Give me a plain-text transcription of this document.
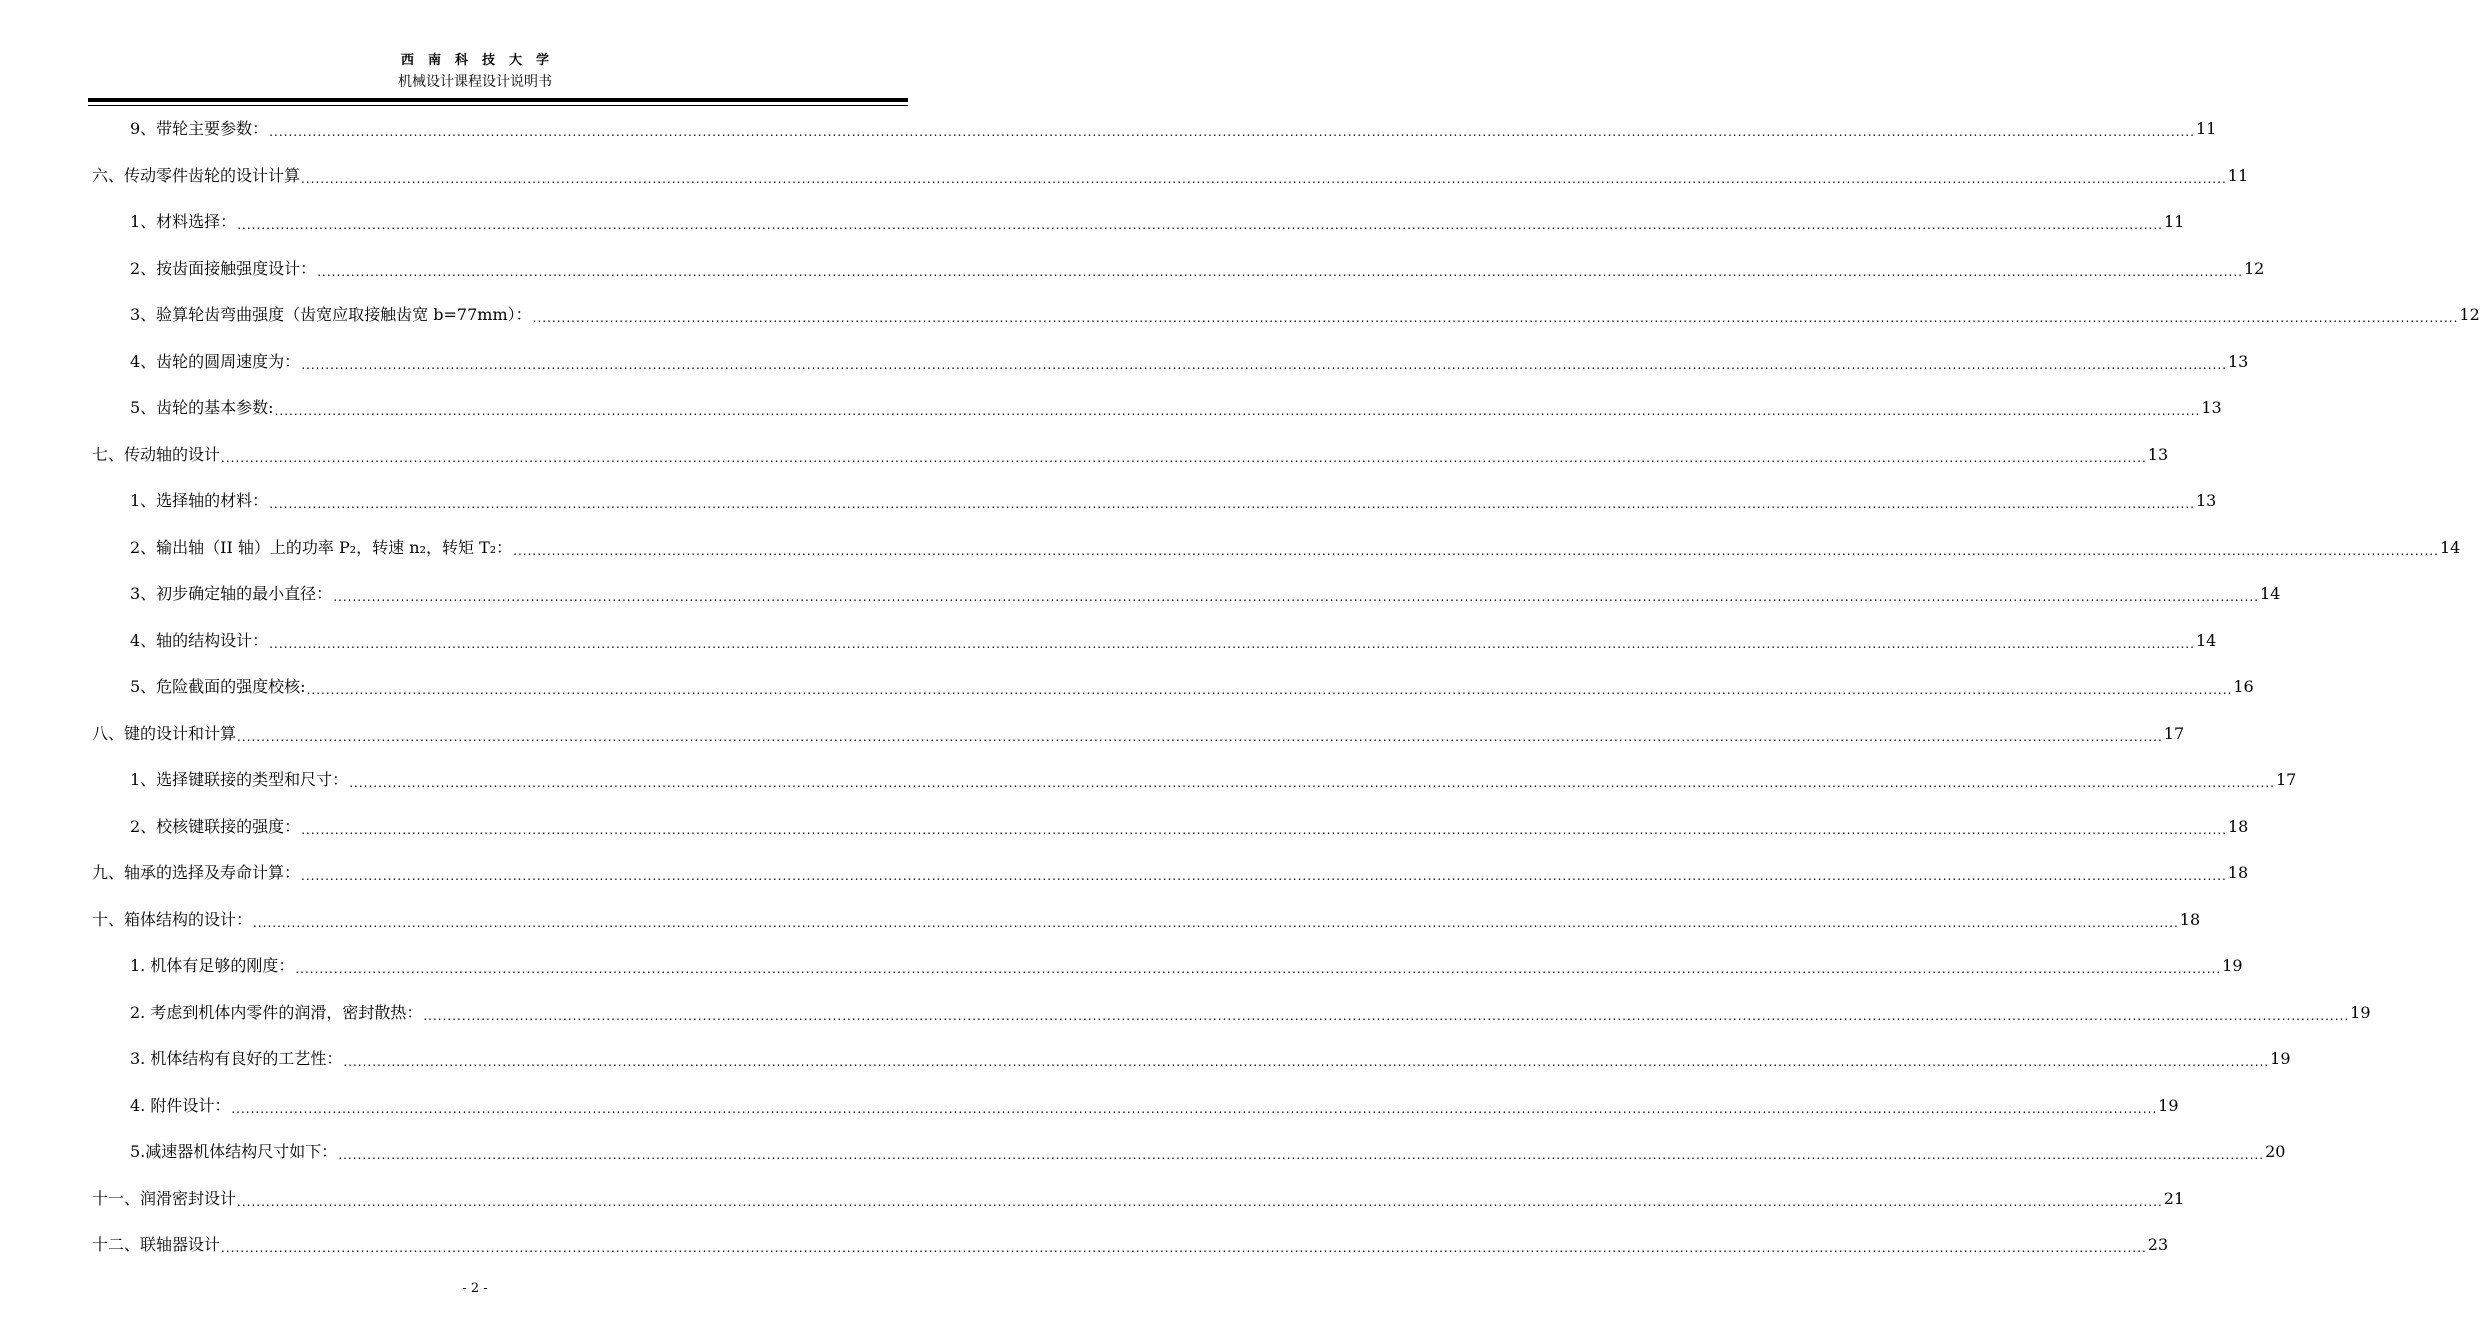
西南科技大学
机械设计课程设计说明书
9、带轮主要参数： ................................................................................................................................................................................................................................................................................................................................................................................................................ 11
六、传动零件齿轮的设计计算 ................................................................................................................................................................................................................................................................................................................................................................................................................ 11
1、材料选择： ................................................................................................................................................................................................................................................................................................................................................................................................................ 11
2、按齿面接触强度设计： ................................................................................................................................................................................................................................................................................................................................................................................................................ 12
3、验算轮齿弯曲强度（齿宽应取接触齿宽 b=77mm）： ................................................................................................................................................................................................................................................................................................................................................................................................................ 12
4、齿轮的圆周速度为： ................................................................................................................................................................................................................................................................................................................................................................................................................ 13
5、齿轮的基本参数: ................................................................................................................................................................................................................................................................................................................................................................................................................ 13
七、传动轴的设计 ................................................................................................................................................................................................................................................................................................................................................................................................................ 13
1、选择轴的材料： ................................................................................................................................................................................................................................................................................................................................................................................................................ 13
2、输出轴（II 轴）上的功率 P₂，转速 n₂，转矩 T₂： ................................................................................................................................................................................................................................................................................................................................................................................................................ 14
3、初步确定轴的最小直径： ................................................................................................................................................................................................................................................................................................................................................................................................................ 14
4、轴的结构设计： ................................................................................................................................................................................................................................................................................................................................................................................................................ 14
5、危险截面的强度校核: ................................................................................................................................................................................................................................................................................................................................................................................................................ 16
八、键的设计和计算 ................................................................................................................................................................................................................................................................................................................................................................................................................ 17
1、选择键联接的类型和尺寸： ................................................................................................................................................................................................................................................................................................................................................................................................................ 17
2、校核键联接的强度： ................................................................................................................................................................................................................................................................................................................................................................................................................ 18
九、轴承的选择及寿命计算： ................................................................................................................................................................................................................................................................................................................................................................................................................ 18
十、箱体结构的设计： ................................................................................................................................................................................................................................................................................................................................................................................................................ 18
1. 机体有足够的刚度： ................................................................................................................................................................................................................................................................................................................................................................................................................ 19
2. 考虑到机体内零件的润滑，密封散热： ................................................................................................................................................................................................................................................................................................................................................................................................................ 19
3. 机体结构有良好的工艺性： ................................................................................................................................................................................................................................................................................................................................................................................................................ 19
4. 附件设计： ................................................................................................................................................................................................................................................................................................................................................................................................................ 19
5.减速器机体结构尺寸如下： ................................................................................................................................................................................................................................................................................................................................................................................................................ 20
十一、润滑密封设计 ................................................................................................................................................................................................................................................................................................................................................................................................................ 21
十二、联轴器设计 ................................................................................................................................................................................................................................................................................................................................................................................................................ 23
- 2 -
